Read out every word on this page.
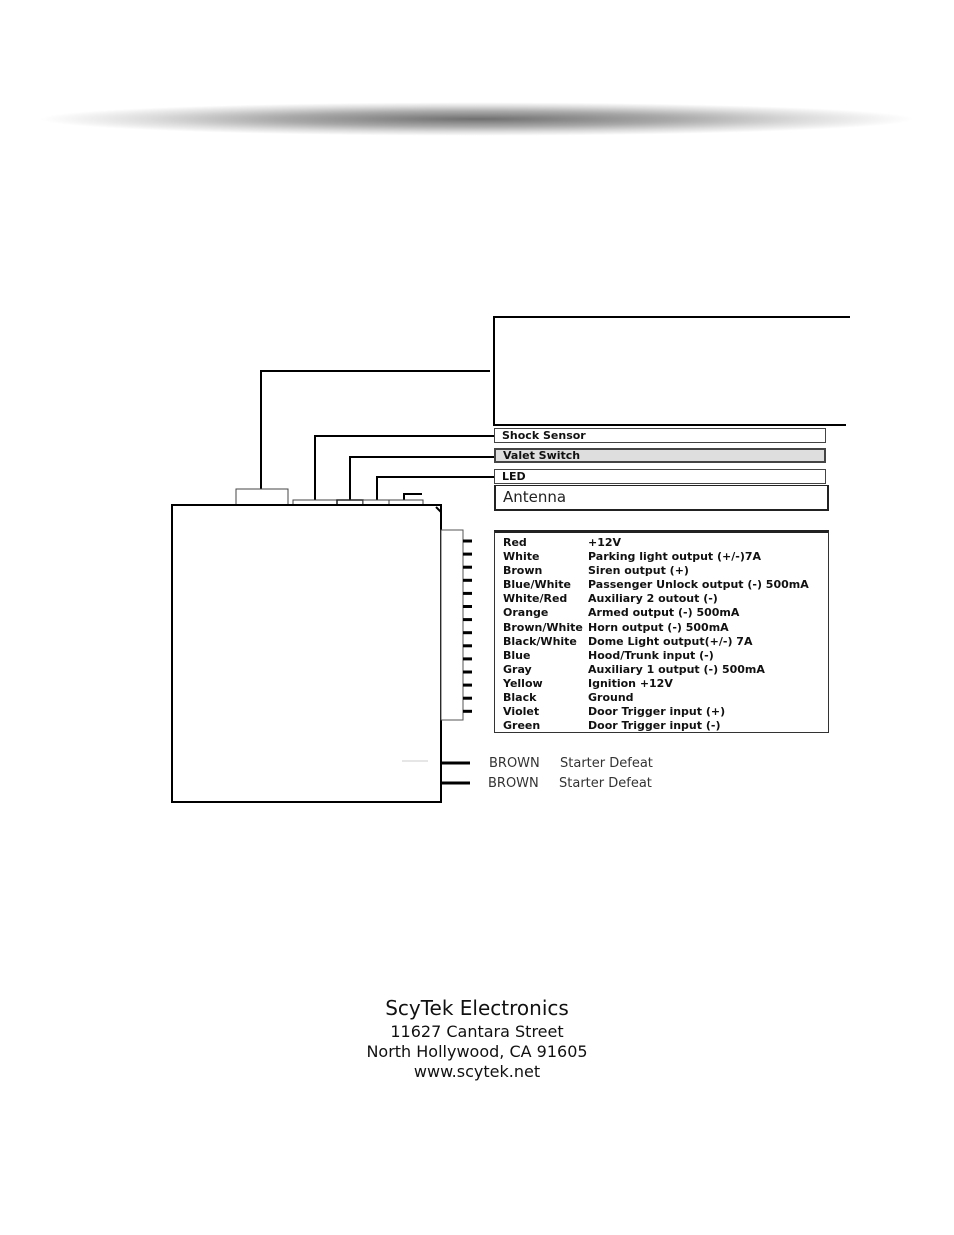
Shock Sensor
Valet Switch
LED
Antenna
Red	+12V
White	Parking light output (+/-)7A
Brown	Siren output (+)
Blue/White Passenger Unlock output (-) 500mA
White/Red Auxiliary 2 outout (-)
Orange	Armed output (-) 500mA
Brown/White Horn output (-) 500mA
Black/White Dome Light output(+/-) 7A
Blue	Hood/Trunk input (-)
Gray	Auxiliary 1 output (-) 500mA
Yellow	Ignition +12V
Black	Ground
Violet	Door Trigger input (+)
Green	Door Trigger input (-)
BROWN Starter Defeat
BROWN Starter Defeat
ScyTek Electronics
11627 Cantara Street
North Hollywood, CA 91605
www.scytek.net
